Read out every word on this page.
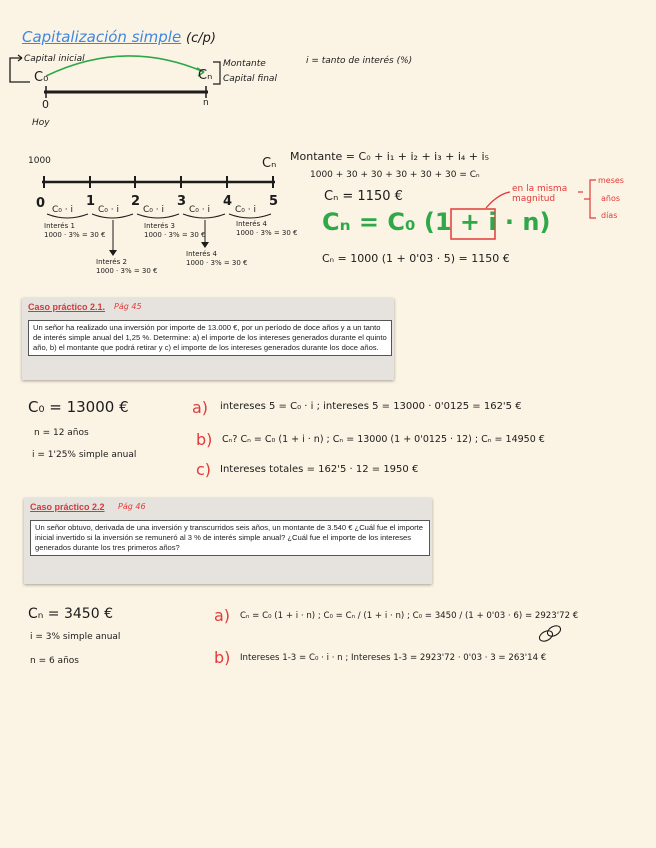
Capitalización simple (c/p)
i = tanto de interés (%)
Capital inicial
C₀	Cₙ
Montante
Capital final
0	n
Hoy
1000	Cₙ
0	1	2	3	4	5
C₀ · i	C₀ · i	C₀ · i	C₀ · i	C₀ · i
Interés 1
1000 · 3% = 30 €
Interés 2
1000 · 3% = 30 €
Interés 3
1000 · 3% = 30 €
Interés 4
1000 · 3% = 30 €
Interés 4
1000 · 3% = 30 €
Montante = C₀ + i₁ + i₂ + i₃ + i₄ + i₅
1000 + 30 + 30 + 30 + 30 + 30 = Cₙ
Cₙ = 1150 €
Cₙ = C₀ (1 + i · n)
en la misma magnitud
meses
años
días
Cₙ = 1000 (1 + 0'03 · 5) = 1150 €
Caso práctico 2.1. Pág 45
Un señor ha realizado una inversión por importe de 13.000 €, por un período de doce años y a un tanto de interés simple anual del 1,25 %. Determine: a) el importe de los intereses generados durante el quinto año, b) el montante que podrá retirar y c) el importe de los intereses generados durante los doce años.
C₀ = 13000 €
n = 12 años
i = 1'25% simple anual
a) intereses 5 = C₀ · i ; intereses 5 = 13000 · 0'0125 = 162'5 €
b) Cₙ? Cₙ = C₀ (1 + i · n) ; Cₙ = 13000 (1 + 0'0125 · 12) ; Cₙ = 14950 €
c) Intereses totales = 162'5 · 12 = 1950 €
Caso práctico 2.2 Pág 46
Un señor obtuvo, derivada de una inversión y transcurridos seis años, un montante de 3.540 € ¿Cuál fue el importe inicial invertido si la inversión se remuneró al 3 % de interés simple anual? ¿Cuál fue el importe de los intereses generados durante los tres primeros años?
Cₙ = 3450 €
i = 3% simple anual
n = 6 años
a) Cₙ = C₀ (1 + i · n) ; C₀ = Cₙ / (1 + i · n) ; C₀ = 3450 / (1 + 0'03 · 6) = 2923'72 €
b) Intereses 1-3 = C₀ · i · n ; Intereses 1-3 = 2923'72 · 0'03 · 3 = 263'14 €
